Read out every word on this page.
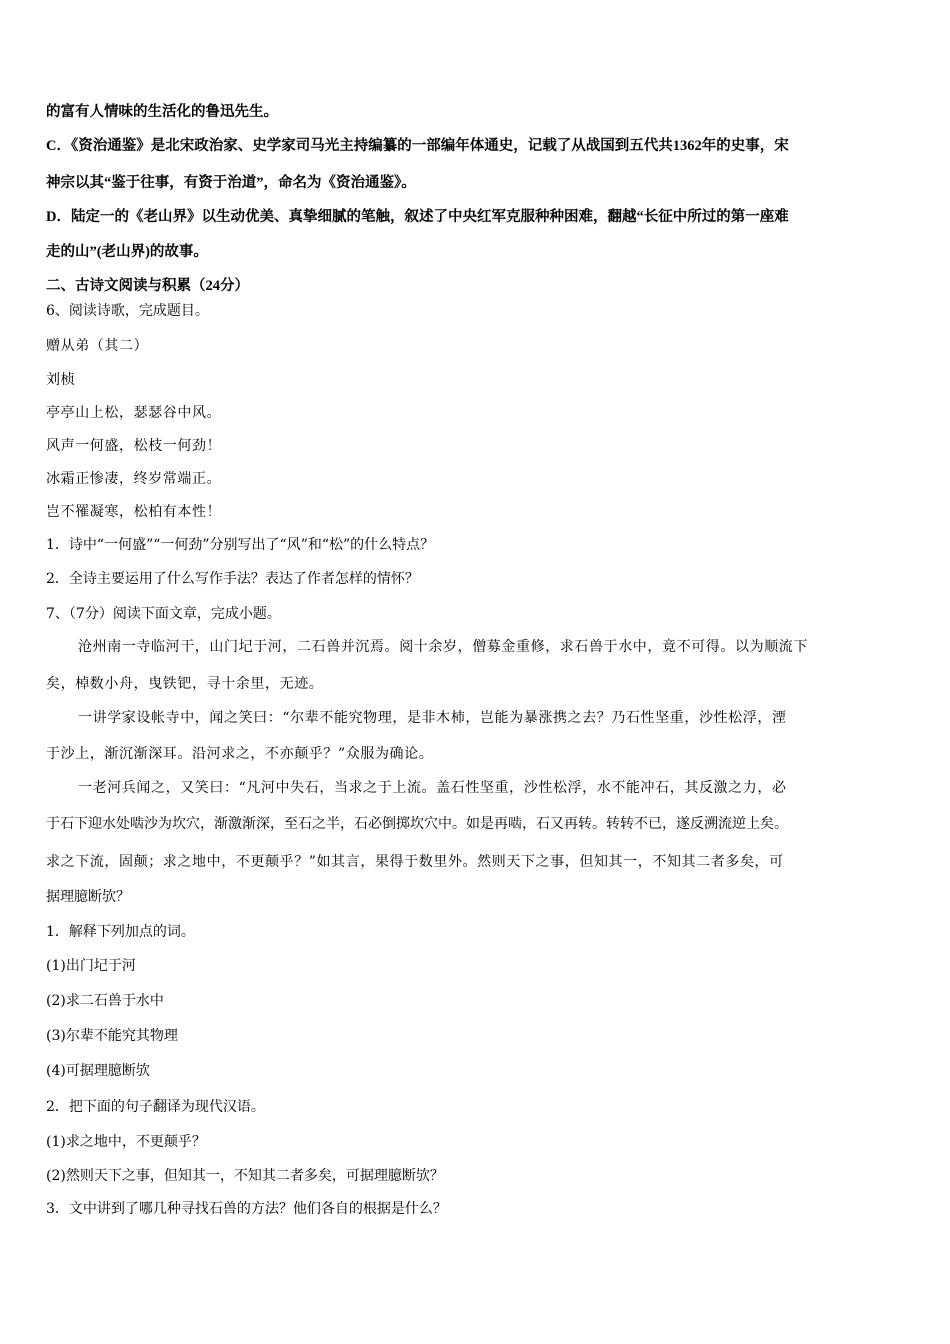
的富有人情味的生活化的鲁迅先生。
C．《资治通鉴》是北宋政治家、史学家司马光主持编纂的一部编年体通史，记载了从战国到五代共1362年的史事，宋
神宗以其“鉴于往事，有资于治道”，命名为《资治通鉴》。
D．陆定一的《老山界》以生动优美、真挚细腻的笔触，叙述了中央红军克服种种困难，翻越“长征中所过的第一座难
走的山”(老山界)的故事。
二、古诗文阅读与积累（24分）
6、阅读诗歌，完成题目。
赠从弟（其二）
刘桢
亭亭山上松，瑟瑟谷中风。
风声一何盛，松枝一何劲！
冰霜正惨凄，终岁常端正。
岂不罹凝寒，松柏有本性！
1．诗中“一何盛”“一何劲”分别写出了“风”和“松”的什么特点？
2．全诗主要运用了什么写作手法？表达了作者怎样的情怀？
7、（7分）阅读下面文章，完成小题。
沧州南一寺临河干，山门圮于河，二石兽并沉焉。阅十余岁，僧募金重修，求石兽于水中，竟不可得。以为顺流下
矣，棹数小舟，曳铁钯，寻十余里，无迹。
一讲学家设帐寺中，闻之笑曰：“尔辈不能究物理，是非木杮，岂能为暴涨携之去？乃石性坚重，沙性松浮，湮
于沙上，渐沉渐深耳。沿河求之，不亦颠乎？”众服为确论。
一老河兵闻之，又笑曰：“凡河中失石，当求之于上流。盖石性坚重，沙性松浮，水不能冲石，其反激之力，必
于石下迎水处啮沙为坎穴，渐激渐深，至石之半，石必倒掷坎穴中。如是再啮，石又再转。转转不已，遂反溯流逆上矣。
求之下流，固颠；求之地中，不更颠乎？”如其言，果得于数里外。然则天下之事，但知其一，不知其二者多矣，可
据理臆断欤？
1．解释下列加点的词。
(1)出门圮于河
(2)求二石兽于水中
(3)尔辈不能究其物理
(4)可据理臆断欤
2．把下面的句子翻译为现代汉语。
(1)求之地中，不更颠乎？
(2)然则天下之事，但知其一，不知其二者多矣，可据理臆断欤？
3．文中讲到了哪几种寻找石兽的方法？他们各自的根据是什么？
